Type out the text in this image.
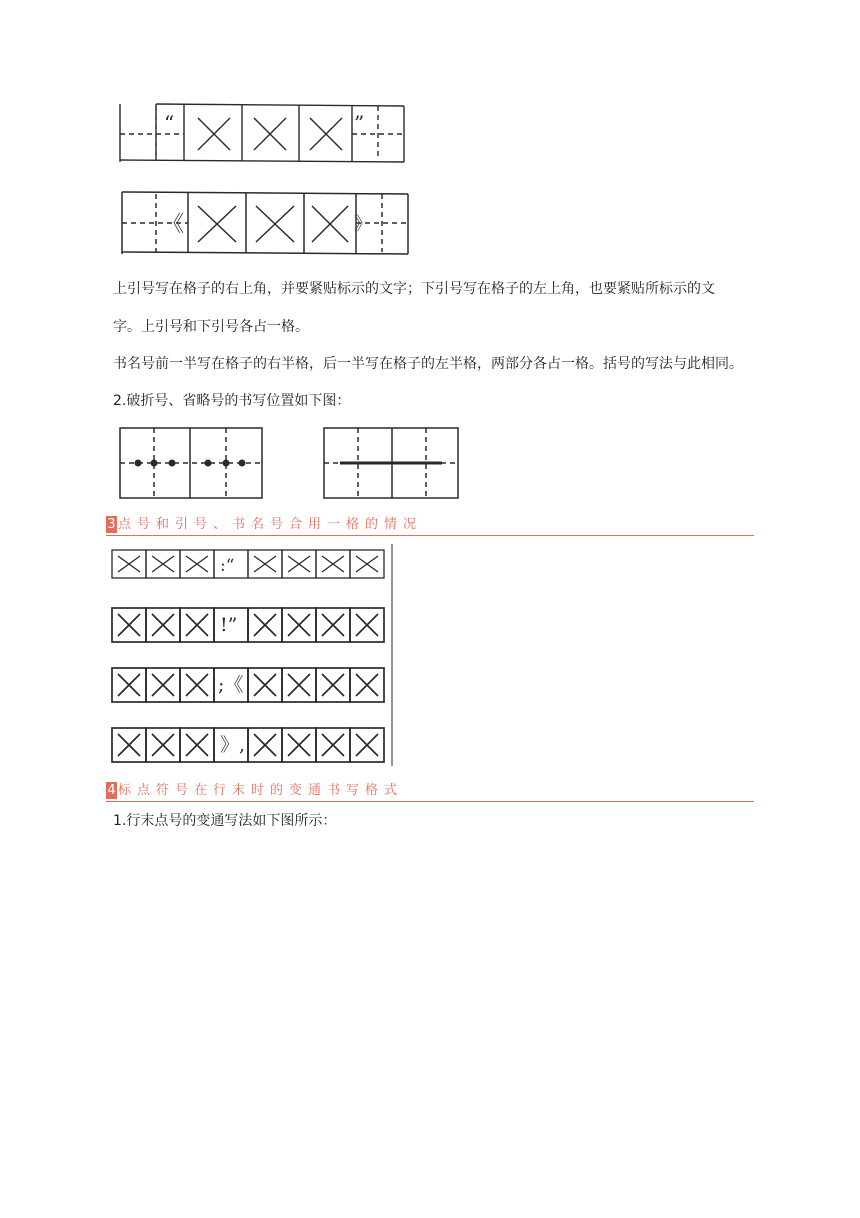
“	”
《	》
上引号写在格子的右上角，并要紧贴标示的文字；下引号写在格子的左上角，也要紧贴所标示的文
字。上引号和下引号各占一格。
书名号前一半写在格子的右半格，后一半写在格子的左半格，两部分各占一格。括号的写法与此相同。
2.破折号、省略号的书写位置如下图：
3 点号和引号、书名号合用一格的情况
:“
!”
;《
》,
4 标点符号在行末时的变通书写格式
1.行末点号的变通写法如下图所示：
